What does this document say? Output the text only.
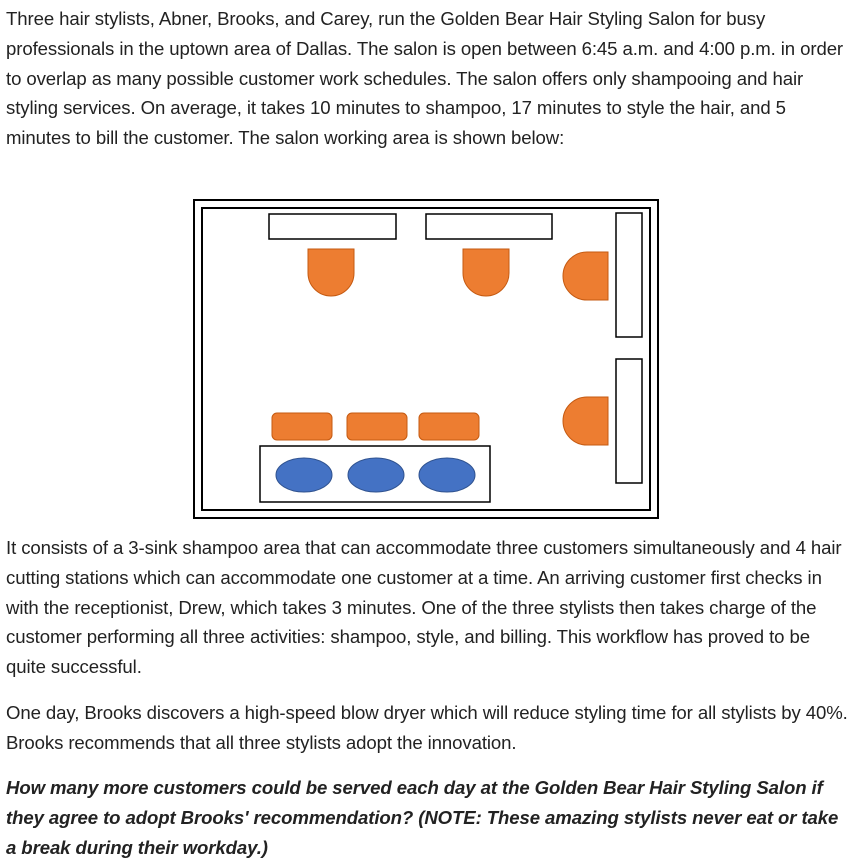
Three hair stylists, Abner, Brooks, and Carey, run the Golden Bear Hair Styling Salon for busy professionals in the uptown area of Dallas. The salon is open between 6:45 a.m. and 4:00 p.m. in order to overlap as many possible customer work schedules. The salon offers only shampooing and hair styling services. On average, it takes 10 minutes to shampoo, 17 minutes to style the hair, and 5 minutes to bill the customer. The salon working area is shown below:

It consists of a 3-sink shampoo area that can accommodate three customers simultaneously and 4 hair cutting stations which can accommodate one customer at a time. An arriving customer first checks in with the receptionist, Drew, which takes 3 minutes. One of the three stylists then takes charge of the customer performing all three activities: shampoo, style, and billing. This workflow has proved to be quite successful.

One day, Brooks discovers a high-speed blow dryer which will reduce styling time for all stylists by 40%. Brooks recommends that all three stylists adopt the innovation.

How many more customers could be served each day at the Golden Bear Hair Styling Salon if they agree to adopt Brooks' recommendation? (NOTE: These amazing stylists never eat or take a break during their workday.)
